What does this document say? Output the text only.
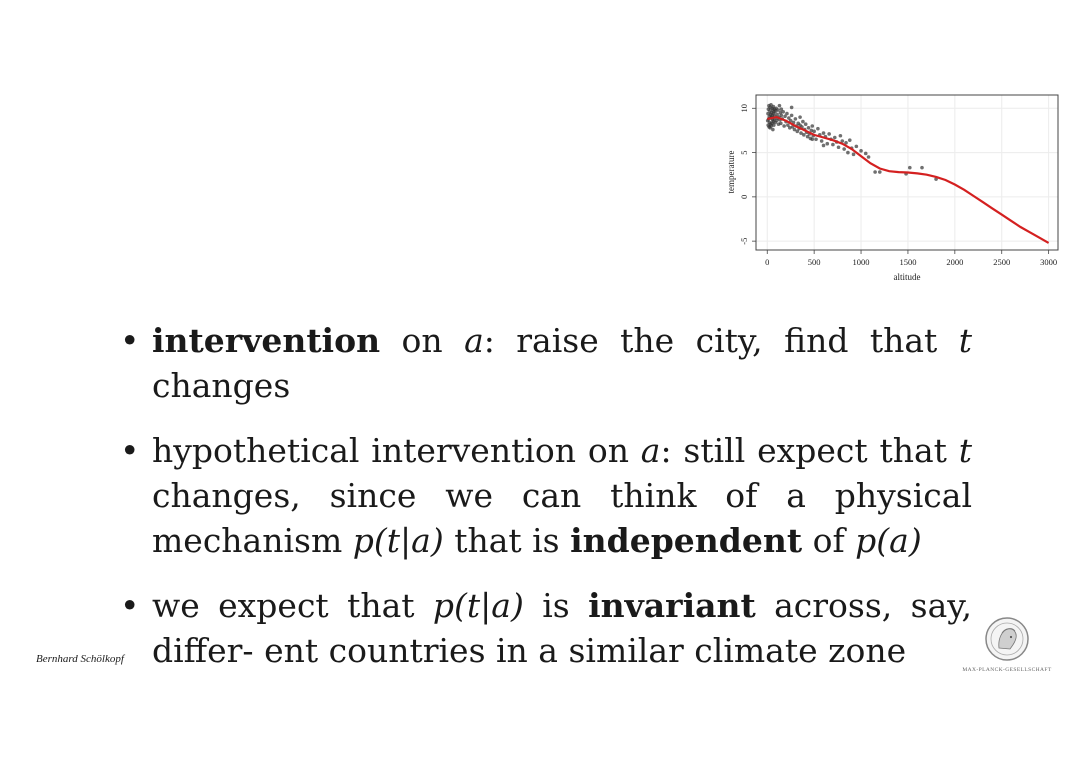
0	500	1000	1500	2000	2500	3000
-5
0
5
10
altitude
temperature
• intervention on a: raise the city, find that t changes
• hypothetical intervention on a: still expect that t changes, since we can think of a physical mechanism p(t|a) that is independent of p(a)
• we expect that p(t|a) is invariant across, say, differ- ent countries in a similar climate zone
Bernhard Schölkopf
MAX-PLANCK-GESELLSCHAFT
